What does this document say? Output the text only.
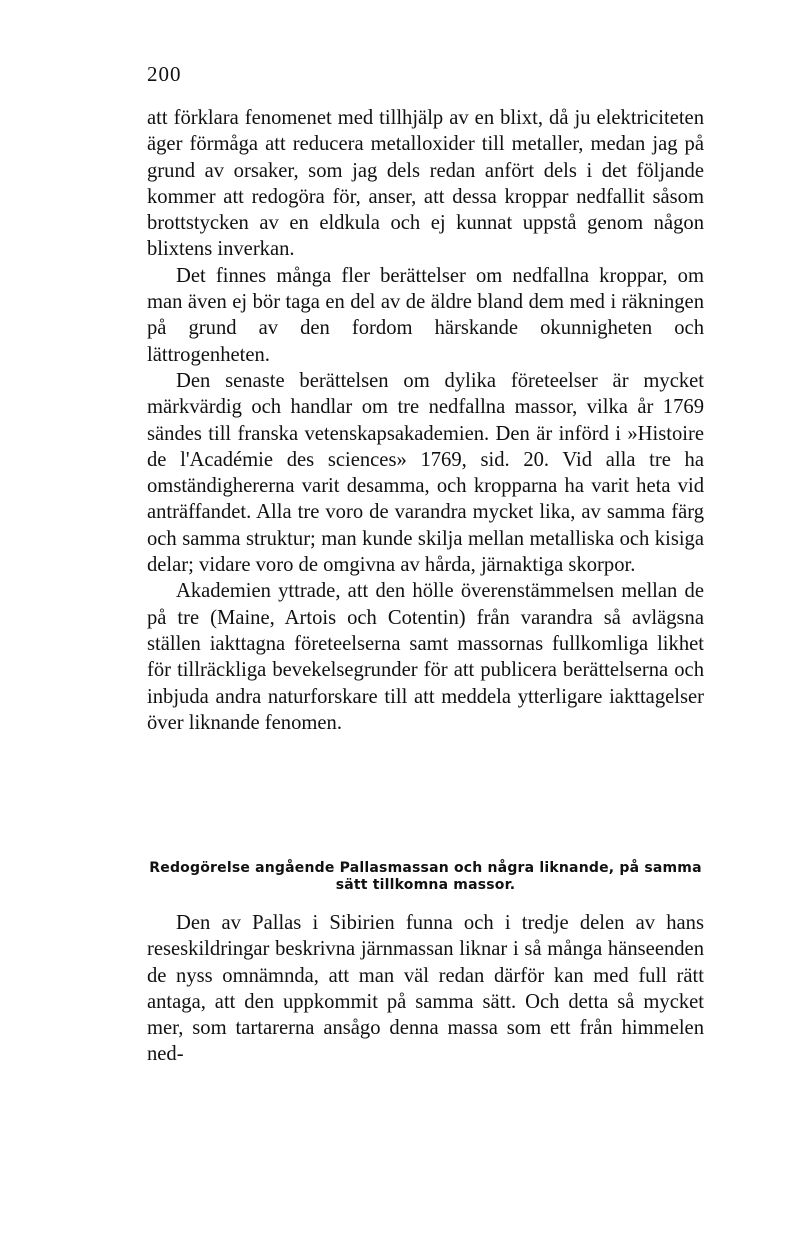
200

att förklara fenomenet med tillhjälp av en blixt, då ju elektriciteten äger förmåga att reducera metalloxider till metaller, medan jag på grund av orsaker, som jag dels redan anfört dels i det följande kommer att redogöra för, anser, att dessa kroppar nedfallit såsom brottstycken av en eldkula och ej kunnat uppstå genom någon blixtens inverkan.

Det finnes många fler berättelser om nedfallna kroppar, om man även ej bör taga en del av de äldre bland dem med i räkningen på grund av den fordom härskande okunnigheten och lättrogenheten.

Den senaste berättelsen om dylika företeelser är mycket märkvärdig och handlar om tre nedfallna massor, vilka år 1769 sändes till franska vetenskapsakademien. Den är införd i »Histoire de l'Académie des sciences» 1769, sid. 20. Vid alla tre ha omständighererna varit desamma, och kropparna ha varit heta vid anträffandet. Alla tre voro de varandra mycket lika, av samma färg och samma struktur; man kunde skilja mellan metalliska och kisiga delar; vidare voro de omgivna av hårda, järnaktiga skorpor.

Akademien yttrade, att den hölle överenstämmelsen mellan de på tre (Maine, Artois och Cotentin) från varandra så avlägsna ställen iakttagna företeelserna samt massornas fullkomliga likhet för tillräckliga bevekelsegrunder för att publicera berättelserna och inbjuda andra naturforskare till att meddela ytterligare iakttagelser över liknande fenomen.

Redogörelse angående Pallasmassan och några liknande, på samma sätt tillkomna massor.

Den av Pallas i Sibirien funna och i tredje delen av hans reseskildringar beskrivna järnmassan liknar i så många hänseenden de nyss omnämnda, att man väl redan därför kan med full rätt antaga, att den uppkommit på samma sätt. Och detta så mycket mer, som tartarerna ansågo denna massa som ett från himmelen ned-
